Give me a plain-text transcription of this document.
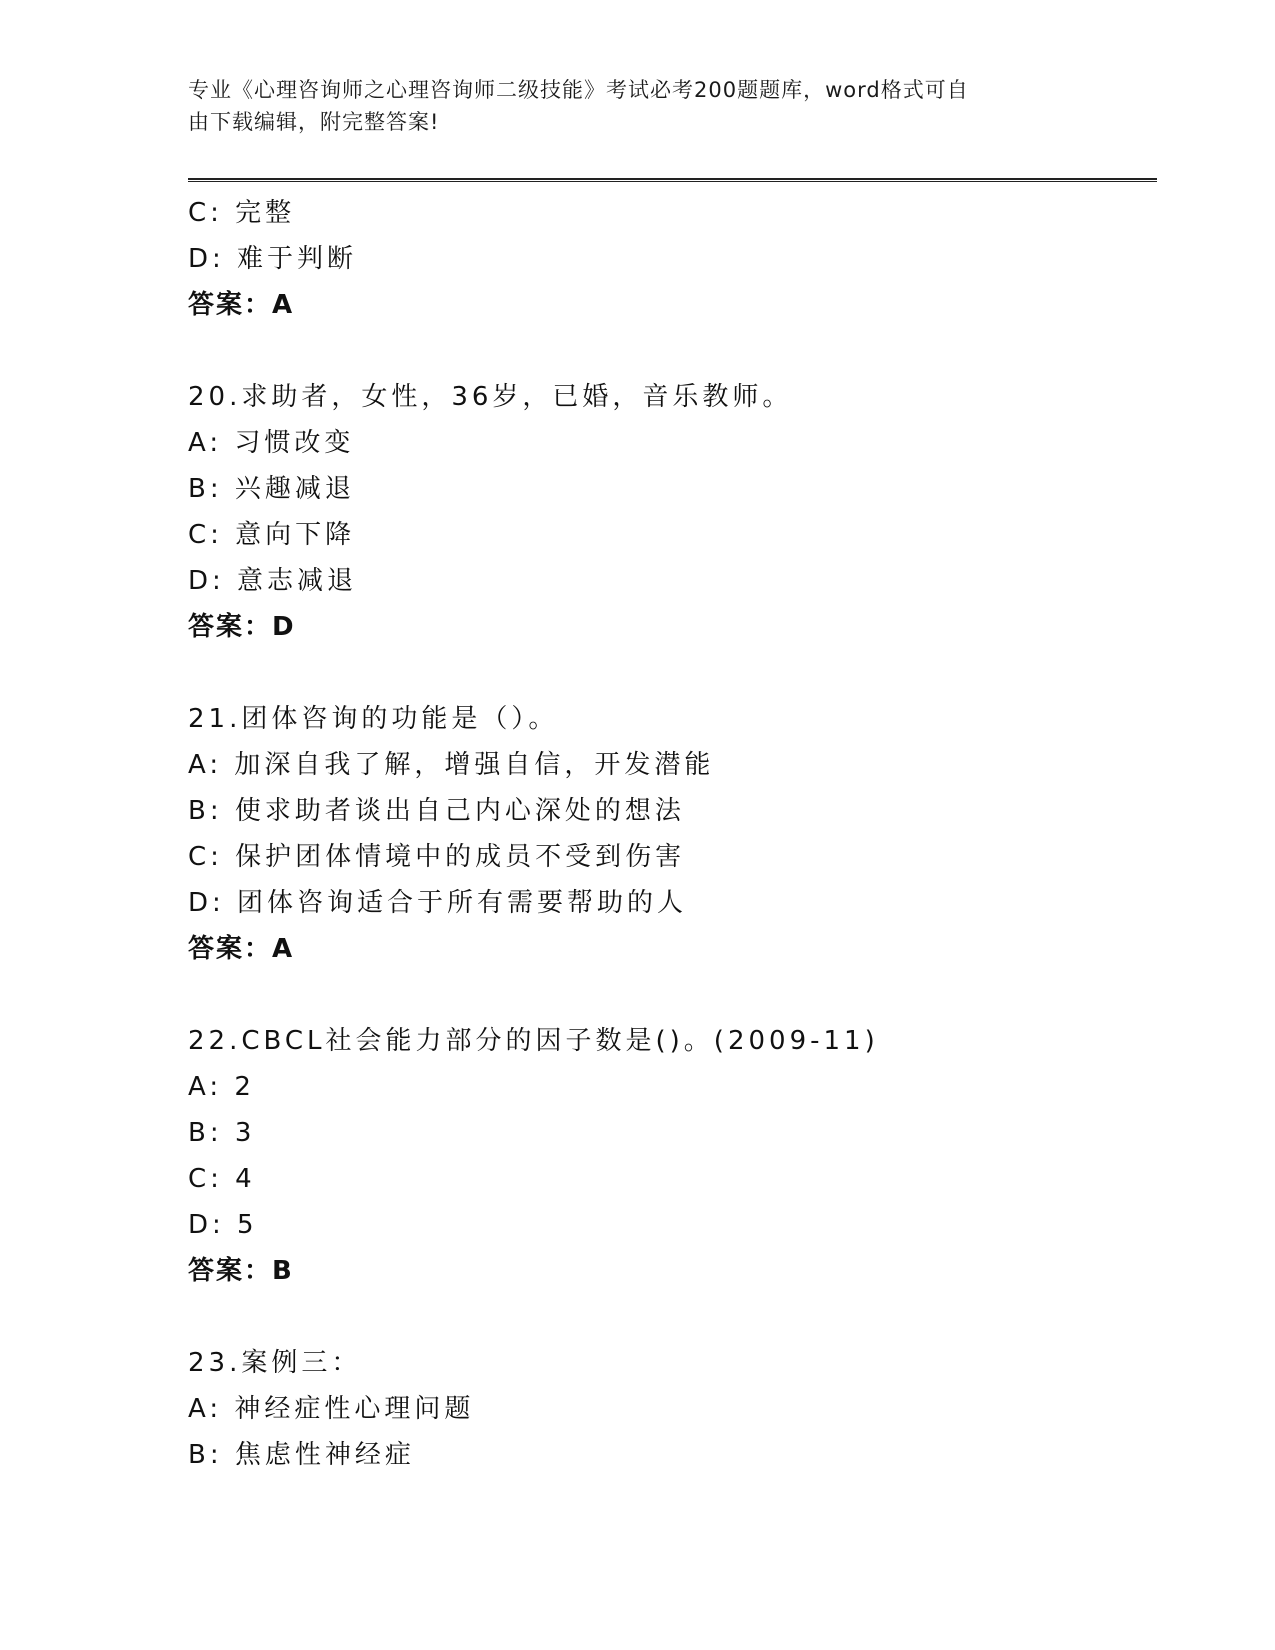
专业《心理咨询师之心理咨询师二级技能》考试必考200题题库，word格式可自
由下载编辑，附完整答案!
C: 完整
D: 难于判断
答案：A
20.求助者，女性，36岁，已婚，音乐教师。
A: 习惯改变
B: 兴趣减退
C: 意向下降
D: 意志减退
答案：D
21.团体咨询的功能是（）。
A: 加深自我了解，增强自信，开发潜能
B: 使求助者谈出自己内心深处的想法
C: 保护团体情境中的成员不受到伤害
D: 团体咨询适合于所有需要帮助的人
答案：A
22.CBCL社会能力部分的因子数是()。(2009-11)
A: 2
B: 3
C: 4
D: 5
答案：B
23.案例三：
A: 神经症性心理问题
B: 焦虑性神经症
